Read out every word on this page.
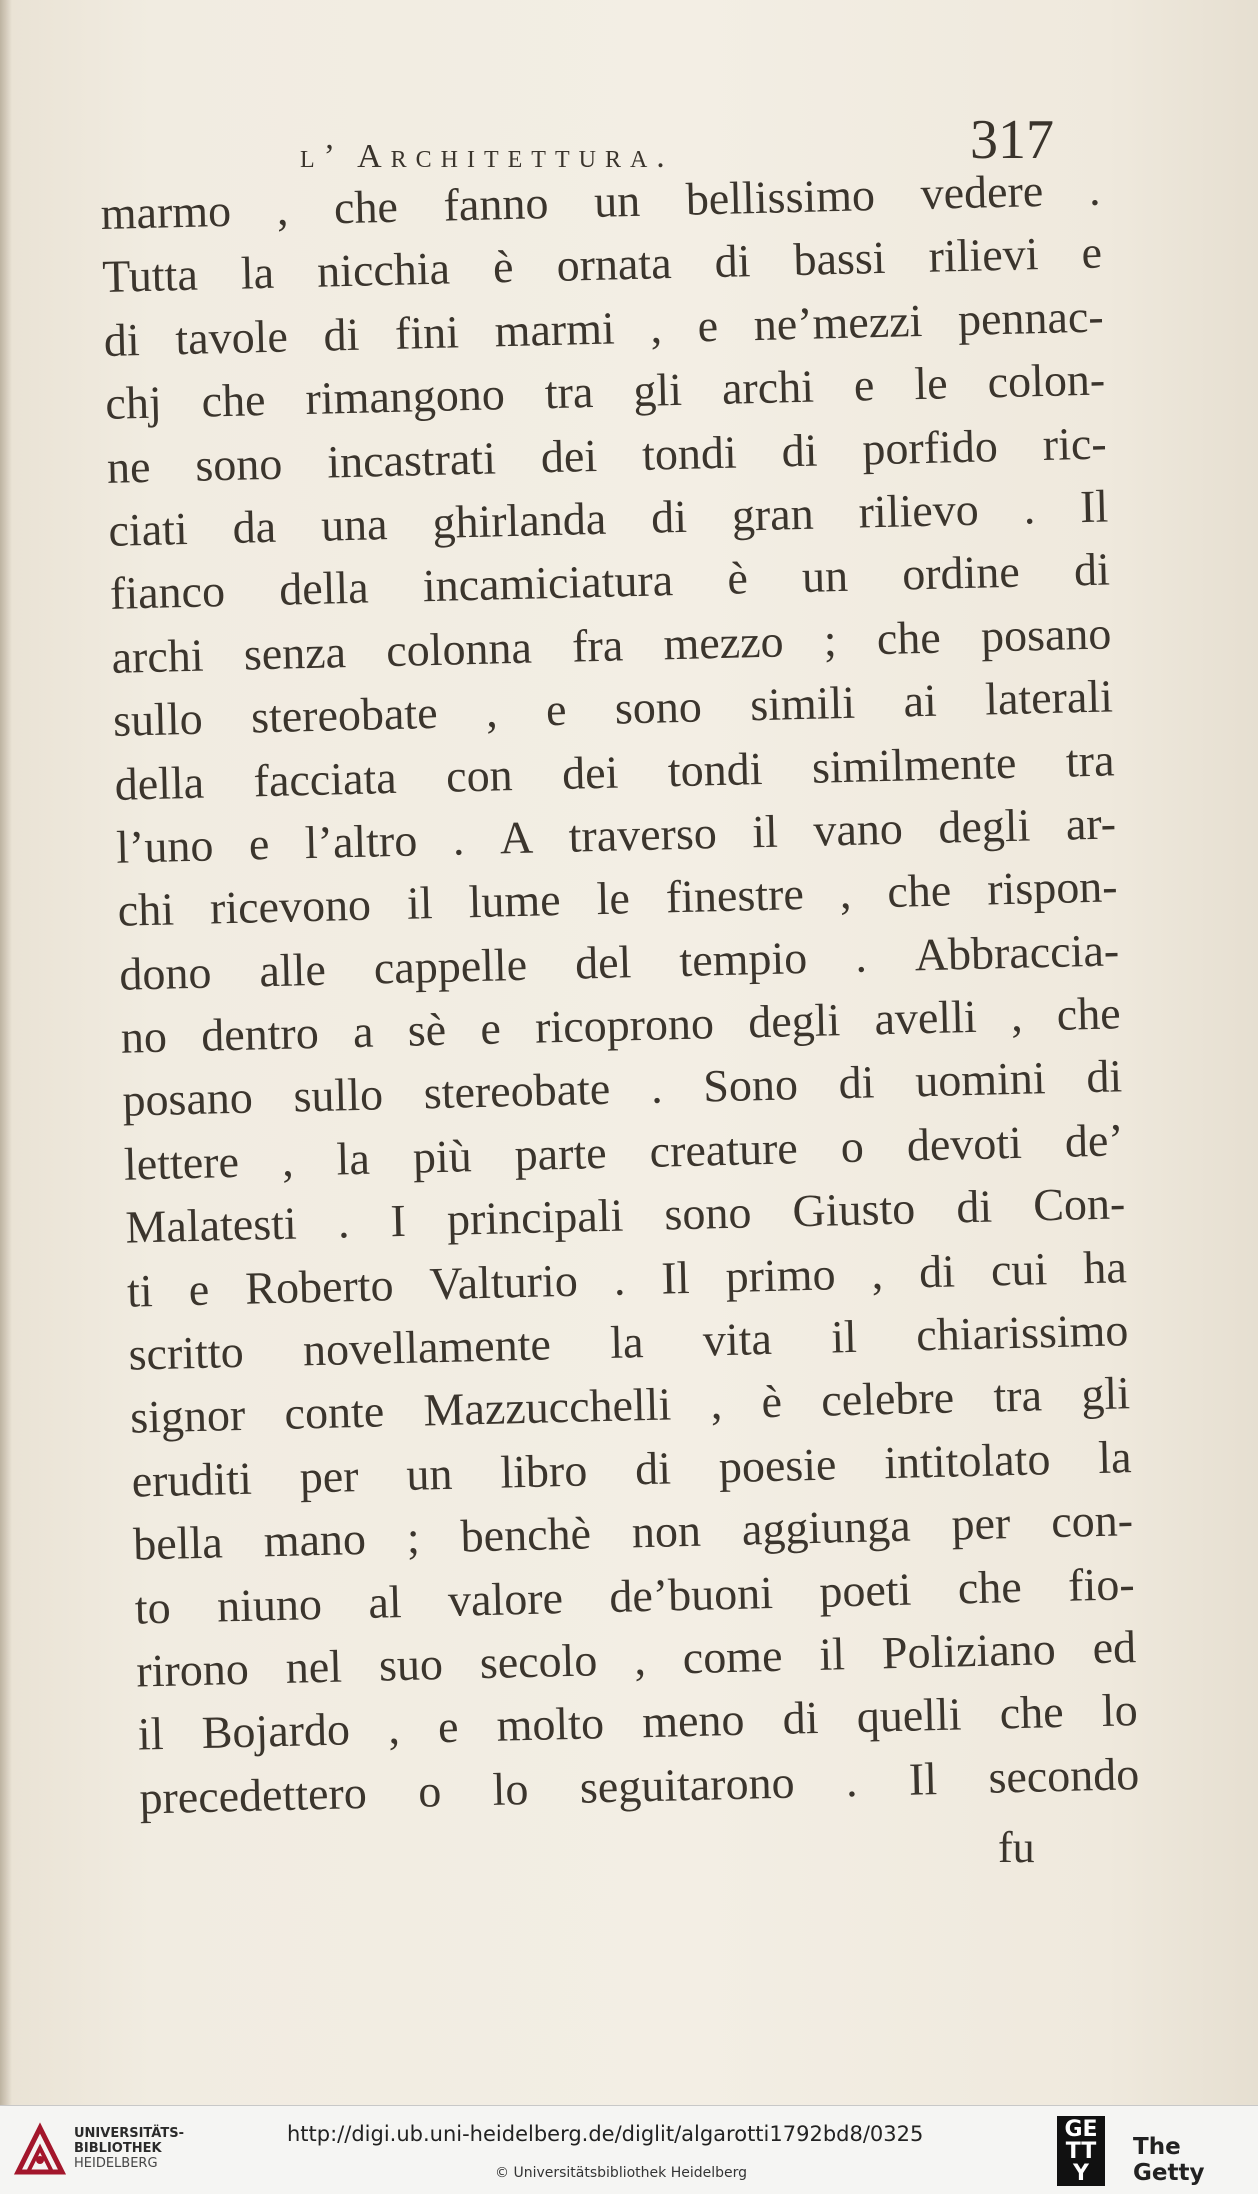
l’ Architettura.	317
marmo , che fanno un bellissimo vedere .
Tutta la nicchia è ornata di bassi rilievi e
di tavole di fini marmi , e ne’mezzi pennac-
chj che rimangono tra gli archi e le colon-
ne sono incastrati dei tondi di porfido ric-
ciati da una ghirlanda di gran rilievo . Il
fianco della incamiciatura è un ordine di
archi senza colonna fra mezzo ; che posano
sullo stereobate , e sono simili ai laterali
della facciata con dei tondi similmente tra
l’uno e l’altro . A traverso il vano degli ar-
chi ricevono il lume le finestre , che rispon-
dono alle cappelle del tempio . Abbraccia-
no dentro a sè e ricoprono degli avelli , che
posano sullo stereobate . Sono di uomini di
lettere , la più parte creature o devoti de’
Malatesti . I principali sono Giusto di Con-
ti e Roberto Valturio . Il primo , di cui ha
scritto novellamente la vita il chiarissimo
signor conte Mazzucchelli , è celebre tra gli
eruditi per un libro di poesie intitolato la
bella mano ; benchè non aggiunga per con-
to niuno al valore de’buoni poeti che fio-
rirono nel suo secolo , come il Poliziano ed
il Bojardo , e molto meno di quelli che lo
precedettero o lo seguitarono . Il secondo
fu
UNIVERSITÄTS-
BIBLIOTHEK
HEIDELBERG
http://digi.ub.uni-heidelberg.de/diglit/algarotti1792bd8/0325
© Universitätsbibliothek Heidelberg
GE
TT
Y
The Getty
